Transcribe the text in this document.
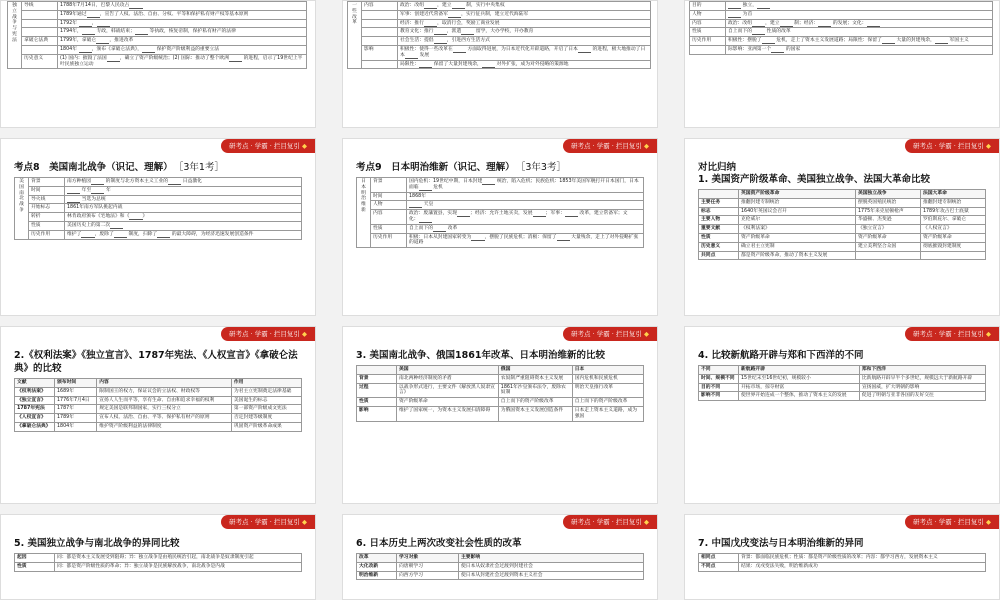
独立战争与宪法	导线	1788年7月14日，巴黎人民攻占
		1789年通过 ，宣告了人权、法治、自由、分权、平等和保护私有财产权等基本原则
		1792年 ，
		1794年， 专政，韩战结束； 等执政，恢复帝制，保护私有财产的法律
	拿破仑法典	1799年，拿破仑 ，推进改革
		1804年 ，颁布《拿破仑法典》， 保护资产阶级利益的重要立法
	历史意义	(1) 国内：摧毁了法国 ，确立了资产阶级统治；(2) 国际：推动了整个欧洲 的进程，启示了19世纪上半叶民族独立运动
一些改革	内容	政治：改组 ，建立 制，实行中央集权
		军事：创建近代常备军 ，实行征兵制，建立近代海陆军
		经济：推行 ，取消行会，奖励工商业发展
		教育文化：推行 ，派遣 留学，大办学校，开办教育
		社会生活：提倡 ，引进西方生活方式
	影响	积极性：使得一些改革在 方面取得进展，为日本近代化开辟道路，开启了日本 的进程，极大地推动了日本 发展
		局限性： 保留了大量封建残余， 对外扩张，成为对外侵略的策源地
目的	独立，
人物	为首
内容	政治：改组 ，建立 制；经济： 的发展；文化：
性质	自上而下的 性质的改革
历史作用	积极性：摆脱了 危机，走上了资本主义发展道路；局限性：保留了 大量的封建残余， 军国主义
	际影响：亚洲第一个 的国家
研考点 · 学霸 · 拦目复引 ◆
考点8　美国南北战争（识记、理解） ［3年1考］
美国南北战争	背景	南方种植园 的制度与北方资本主义工业的 日益激化
	时间	年至 年
	导火线	当选为总统
	开始标志	1861年南方军队挑起内战
	转折	林肯政府颁布《宅地法》和《 》
	性质	美国历史上的第二次
	历史作用	维护了 ，废除了 制度，扫除了 的最大障碍，为经济迅速发展创造条件
研考点 · 学霸 · 拦目复引 ◆
考点9　日本明治维新（识记、理解） ［3年3考］
日本明治维新	背景	国内危机：19世纪中期，日本封建 统治，陷入危机；民族危机：1853年美国军舰打开日本国门，日本面临 危机
	时间	1868年
	人物	天皇
	内容	政治：废藩置县，实现 ；经济：允许土地买卖，发展 ；军事： 改革，建立常备军；文化：
	性质	自上而下的 改革
	历史作用	积极：日本从封建国家转变为 ，摆脱了民族危机；消极：保留了 大量残余，走上了对外侵略扩张的道路
研考点 · 学霸 · 拦目复引 ◆
对比归纳
1. 美国资产阶级革命、美国独立战争、法国大革命比较
	英国资产阶级革命	美国独立战争	法国大革命
主要任务	推翻封建专制统治	摆脱英国殖民统治	推翻封建专制统治
标志	1640年英国议会召开	1775年来克星顿枪声	1789年攻占巴士底狱
主要人物	克伦威尔	华盛顿、杰斐逊	罗伯斯庇尔、拿破仑
重要文献	《权利法案》	《独立宣言》	《人权宣言》
性质	资产阶级革命	资产阶级革命	资产阶级革命
历史意义	确立君主立宪制	建立美利坚合众国	彻底摧毁封建制度
共同点	都是资产阶级革命，推动了资本主义发展		
研考点 · 学霸 · 拦目复引 ◆
2.《权利法案》《独立宣言》、1787年宪法、《人权宣言》《拿破仑法典》的比较
文献	颁布时间	内容	作用
《权利法案》	1689年	限制国王的权力，保证议会的立法权、财政权等	为君主立宪制奠定法律基础
《独立宣言》	1776年7月4日	宣扬人人生而平等，享有生命、自由和追求幸福的权利	美国诞生的标志
1787年宪法	1787年	规定美国是联邦制国家，实行三权分立	第一部资产阶级成文宪法
《人权宣言》	1789年	宣布人权、法治、自由、平等、保护私有财产的原则	否定封建等级制度
《拿破仑法典》	1804年	维护资产阶级利益的法律制度	巩固资产阶级革命成果
研考点 · 学霸 · 拦目复引 ◆
3. 美国南北战争、俄国1861年改革、日本明治维新的比较
	美国	俄国	日本
背景	南北两种经济制度的矛盾	农奴制严重阻碍资本主义发展	国内危机和民族危机
过程	以战争形式进行，主要文件《解放黑人奴隶宣言》	1861年沙皇颁布法令，废除农奴制	明治天皇推行改革
性质	资产阶级革命	自上而下的资产阶级改革	自上而下的资产阶级改革
影响	维护了国家统一，为资本主义发展扫清障碍	为俄国资本主义发展创造条件	日本走上资本主义道路，成为强国
研考点 · 学霸 · 拦目复引 ◆
4. 比较新航路开辟与郑和下西洋的不同
不同	新航路开辟	郑和下西洋
时间、规模不同	15世纪末至16世纪初，规模较小	比新航路开辟早半个多世纪，规模远大于新航路开辟
目的不同	开拓市场，掠夺财富	宣扬国威，扩大明朝的影响
影响不同	使世界开始连成一个整体，推动了资本主义的发展	促进了明朝与亚非各国的友好交往
研考点 · 学霸 · 拦目复引 ◆
5. 美国独立战争与南北战争的异同比较
起因	同：都是资本主义发展受到阻碍；异：独立战争是由殖民统治引起，南北战争是奴隶制度引起
性质	同：都是资产阶级性质的革命；异：独立战争是民族解放战争，南北战争是内战
研考点 · 学霸 · 拦目复引 ◆
6. 日本历史上两次改变社会性质的改革
改革	学习对象	主要影响
大化改新	向唐朝学习	使日本从奴隶社会过渡到封建社会
明治维新	向西方学习	使日本从封建社会过渡到资本主义社会
研考点 · 学霸 · 拦目复引 ◆
7. 中国戊戌变法与日本明治维新的异同
相同点	背景：都面临民族危机；性质：都是资产阶级性质的改革；内容：都学习西方，发展资本主义
不同点	结果：戊戌变法失败，明治维新成功
